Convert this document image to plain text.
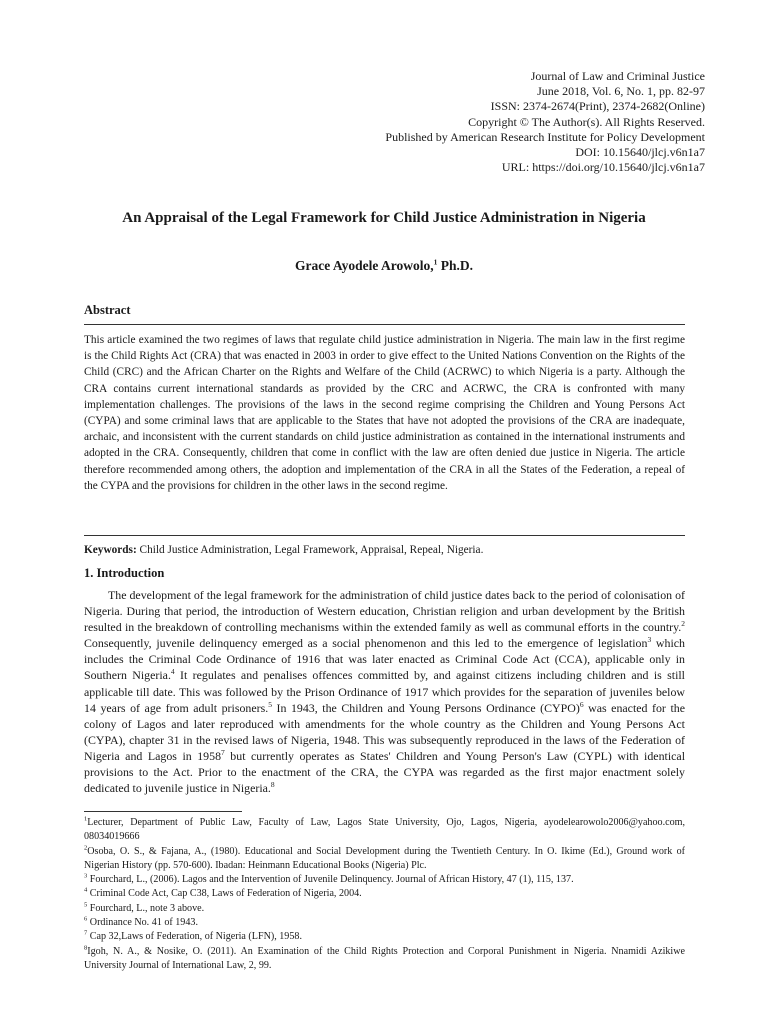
Journal of Law and Criminal Justice
June 2018, Vol. 6, No. 1, pp. 82-97
ISSN: 2374-2674(Print), 2374-2682(Online)
Copyright © The Author(s). All Rights Reserved.
Published by American Research Institute for Policy Development
DOI: 10.15640/jlcj.v6n1a7
URL: https://doi.org/10.15640/jlcj.v6n1a7
An Appraisal of the Legal Framework for Child Justice Administration in Nigeria
Grace Ayodele Arowolo,$^1$ Ph.D.
Abstract
This article examined the two regimes of laws that regulate child justice administration in Nigeria. The main law in the first regime is the Child Rights Act (CRA) that was enacted in 2003 in order to give effect to the United Nations Convention on the Rights of the Child (CRC) and the African Charter on the Rights and Welfare of the Child (ACRWC) to which Nigeria is a party. Although the CRA contains current international standards as provided by the CRC and ACRWC, the CRA is confronted with many implementation challenges. The provisions of the laws in the second regime comprising the Children and Young Persons Act (CYPA) and some criminal laws that are applicable to the States that have not adopted the provisions of the CRA are inadequate, archaic, and inconsistent with the current standards on child justice administration as contained in the international instruments and adopted in the CRA. Consequently, children that come in conflict with the law are often denied due justice in Nigeria. The article therefore recommended among others, the adoption and implementation of the CRA in all the States of the Federation, a repeal of the CYPA and the provisions for children in the other laws in the second regime.
Keywords: Child Justice Administration, Legal Framework, Appraisal, Repeal, Nigeria.
1. Introduction

The development of the legal framework for the administration of child justice dates back to the period of colonisation of Nigeria. During that period, the introduction of Western education, Christian religion and urban development by the British resulted in the breakdown of controlling mechanisms within the extended family as well as communal efforts in the country.$^2$ Consequently, juvenile delinquency emerged as a social phenomenon and this led to the emergence of legislation$^3$ which includes the Criminal Code Ordinance of 1916 that was later enacted as Criminal Code Act (CCA), applicable only in Southern Nigeria.$^4$ It regulates and penalises offences committed by, and against citizens including children and is still applicable till date. This was followed by the Prison Ordinance of 1917 which provides for the separation of juveniles below 14 years of age from adult prisoners.$^5$ In 1943, the Children and Young Persons Ordinance (CYPO)$^6$ was enacted for the colony of Lagos and later reproduced with amendments for the whole country as the Children and Young Persons Act (CYPA), chapter 31 in the revised laws of Nigeria, 1948. This was subsequently reproduced in the laws of the Federation of Nigeria and Lagos in 1958$^7$ but currently operates as States' Children and Young Person's Law (CYPL) with identical provisions to the Act. Prior to the enactment of the CRA, the CYPA was regarded as the first major enactment solely dedicated to juvenile justice in Nigeria.$^8$

$^1$Lecturer, Department of Public Law, Faculty of Law, Lagos State University, Ojo, Lagos, Nigeria, ayodelearowolo2006@yahoo.com, 08034019666
$^2$Osoba, O. S., & Fajana, A., (1980). Educational and Social Development during the Twentieth Century. In O. Ikime (Ed.), Ground work of Nigerian History (pp. 570-600). Ibadan: Heinmann Educational Books (Nigeria) Plc.
$^3$ Fourchard, L., (2006). Lagos and the Intervention of Juvenile Delinquency. Journal of African History, 47 (1), 115, 137.
$^4$ Criminal Code Act, Cap C38, Laws of Federation of Nigeria, 2004.
$^5$ Fourchard, L., note 3 above.
$^6$ Ordinance No. 41 of 1943.
$^7$ Cap 32,Laws of Federation, of Nigeria (LFN), 1958.
$^8$Igoh, N. A., & Nosike, O. (2011). An Examination of the Child Rights Protection and Corporal Punishment in Nigeria. Nnamidi Azikiwe University Journal of International Law, 2, 99.
